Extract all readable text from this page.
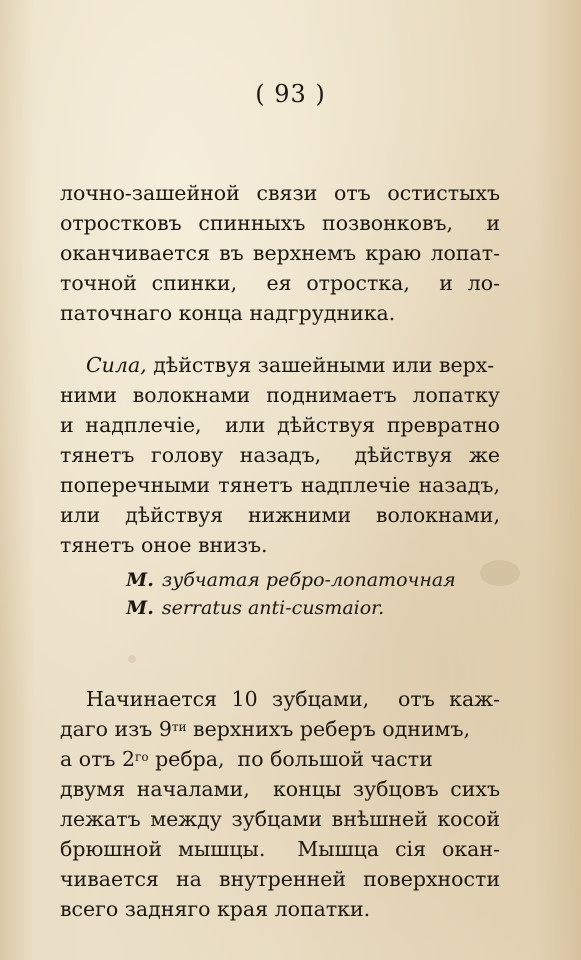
( 93 )

лочно-зашейной связи отъ остистыхъ

отростковъ спинныхъ позвонковъ,  и

оканчивается въ верхнемъ краю лопат-

точной спинки,  ея отростка,  и ло-

паточнаго конца надгрудника.

Сила, дѣйствуя зашейными или верх-

ними волокнами поднимаетъ лопатку

и надплечіе,  или дѣйствуя превратно

тянетъ голову назадъ,  дѣйствуя же

поперечными тянетъ надплечіе назадъ,

или дѣйствуя нижними волокнами,

тянетъ оное внизъ.

М. зубчатая ребро-лопаточная

М. serratus anti-cusmaior.

Начинается 10 зубцами,  отъ каж-

даго изъ $9^{ти}$ верхнихъ реберъ однимъ,

а отъ $2^{го}$ ребра,  по большой части

двумя началами,  концы зубцовъ сихъ

лежатъ между зубцами внѣшней косой

брюшной мышцы.  Мышца сія окан-

чивается на внутренней поверхности

всего задняго края лопатки.
